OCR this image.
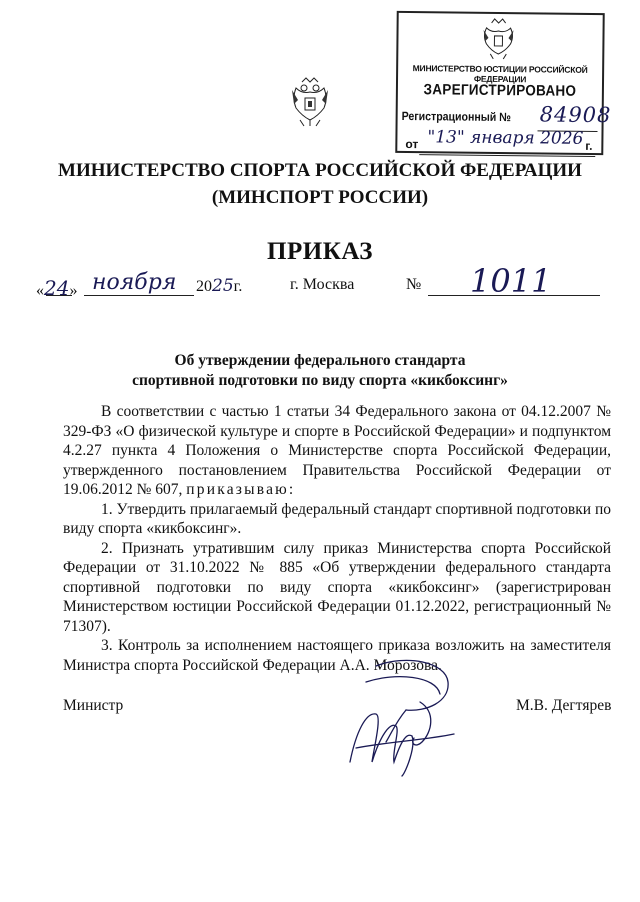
МИНИСТЕРСТВО ЮСТИЦИИ РОССИЙСКОЙ ФЕДЕРАЦИИ
ЗАРЕГИСТРИРОВАНО
Регистрационный № 84908
от "13" января 2026 г.
МИНИСТЕРСТВО СПОРТА РОССИЙСКОЙ ФЕДЕРАЦИИ
(МИНСПОРТ РОССИИ)
ПРИКАЗ
«24» ноября 2025г.	г. Москва	№ 1011
Об утверждении федерального стандарта
спортивной подготовки по виду спорта «кикбоксинг»

В соответствии с частью 1 статьи 34 Федерального закона от 04.12.2007 № 329-ФЗ «О физической культуре и спорте в Российской Федерации» и подпунктом 4.2.27 пункта 4 Положения о Министерстве спорта Российской Федерации, утвержденного постановлением Правительства Российской Федерации от 19.06.2012 № 607, приказываю:

1. Утвердить прилагаемый федеральный стандарт спортивной подготовки по виду спорта «кикбоксинг».

2. Признать утратившим силу приказ Министерства спорта Российской Федерации от 31.10.2022 № 885 «Об утверждении федерального стандарта спортивной подготовки по виду спорта «кикбоксинг» (зарегистрирован Министерством юстиции Российской Федерации 01.12.2022, регистрационный № 71307).

3. Контроль за исполнением настоящего приказа возложить на заместителя Министра спорта Российской Федерации А.А. Морозова.

Министр	М.В. Дегтярев
